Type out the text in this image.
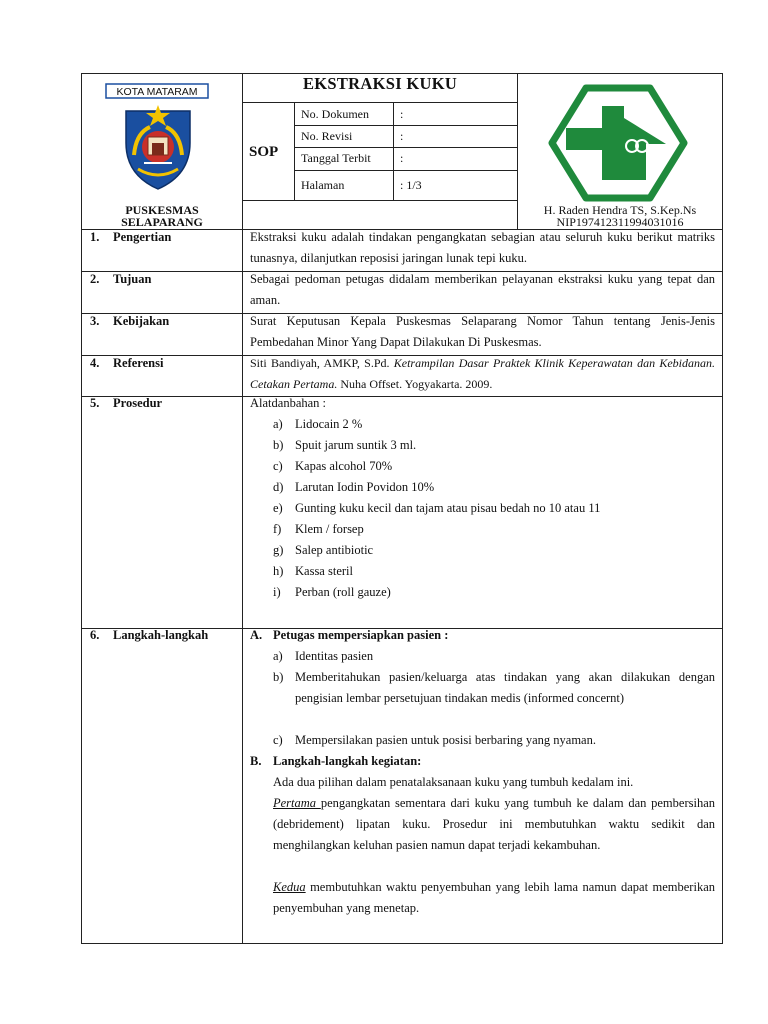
KOTA MATARAM
PUSKESMAS
SELAPARANG
EKSTRAKSI KUKU
SOP
No. Dokumen	:
No. Revisi	:
Tanggal Terbit :
Halaman	: 1/3
H. Raden Hendra TS, S.Kep.Ns
NIP197412311994031016
1. Pengertian	Ekstraksi kuku adalah tindakan pengangkatan sebagian atau seluruh kuku berikut matriks tunasnya, dilanjutkan reposisi jaringan lunak tepi kuku.
2. Tujuan	Sebagai pedoman petugas didalam memberikan pelayanan ekstraksi kuku yang tepat dan aman.
3. Kebijakan	Surat Keputusan Kepala Puskesmas Selaparang Nomor Tahun tentang Jenis-Jenis Pembedahan Minor Yang Dapat Dilakukan Di Puskesmas.
4. Referensi	Siti Bandiyah, AMKP, S.Pd. Ketrampilan Dasar Praktek Klinik Keperawatan dan Kebidanan. Cetakan Pertama. Nuha Offset. Yogyakarta. 2009.
5. Prosedur	Alatdanbahan :
a) Lidocain 2 %
b) Spuit jarum suntik 3 ml.
c) Kapas alcohol 70%
d) Larutan Iodin Povidon 10%
e) Gunting kuku kecil dan tajam atau pisau bedah no 10 atau 11
f) Klem / forsep
g) Salep antibiotic
h) Kassa steril
i) Perban (roll gauze)
6. Langkah-langkah	A. Petugas mempersiapkan pasien :
a) Identitas pasien
b) Memberitahukan pasien/keluarga atas tindakan yang akan dilakukan dengan pengisian lembar persetujuan tindakan medis (informed concernt)
c) Mempersilakan pasien untuk posisi berbaring yang nyaman.
B. Langkah-langkah kegiatan:
Ada dua pilihan dalam penatalaksanaan kuku yang tumbuh kedalam ini.
Pertama pengangkatan sementara dari kuku yang tumbuh ke dalam dan pembersihan (debridement) lipatan kuku. Prosedur ini membutuhkan waktu sedikit dan menghilangkan keluhan pasien namun dapat terjadi kekambuhan.
Kedua membutuhkan waktu penyembuhan yang lebih lama namun dapat memberikan penyembuhan yang menetap.
